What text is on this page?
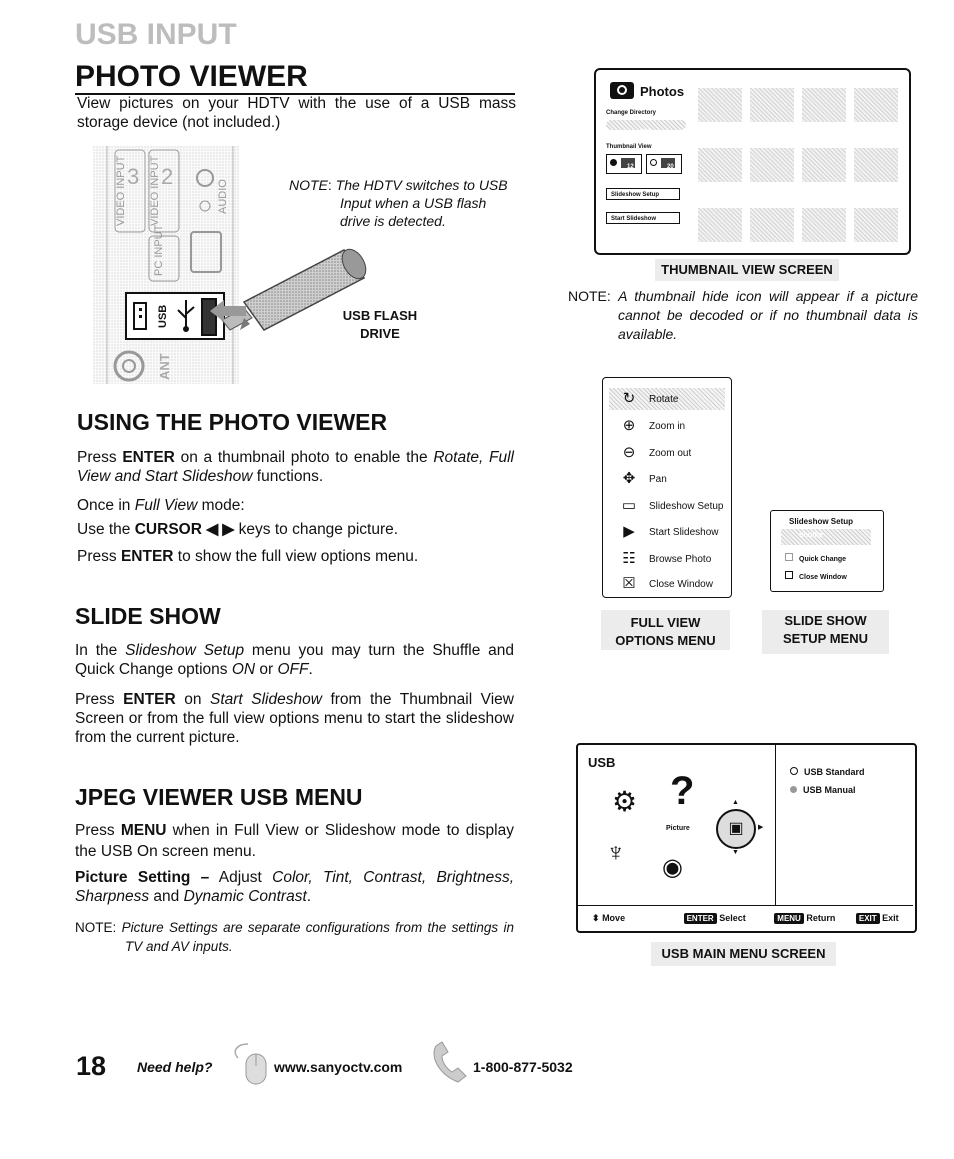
USB INPUT
PHOTO VIEWER

View pictures on your HDTV with the use of a USB mass storage device (not included.)

VIDEO INPUT 3 VIDEO INPUT 2
AUDIO
PC INPUT
ANT
USB
NOTE: The HDTV switches to USB Input when a USB flash drive is detected.
USB FLASH
DRIVE
USING THE PHOTO VIEWER

Press ENTER on a thumbnail photo to enable the Rotate, Full View and Start Slideshow functions.

Once in Full View mode:

Use the CURSOR ◀ ▶ keys to change picture.

Press ENTER to show the full view options menu.

SLIDE SHOW

In the Slideshow Setup menu you may turn the Shuffle and Quick Change options ON or OFF.

Press ENTER on Start Slideshow from the Thumbnail View Screen or from the full view options menu to start the slideshow from the current picture.

JPEG VIEWER USB MENU

Press MENU when in Full View or Slideshow mode to display the USB On screen menu.

Picture Setting – Adjust Color, Tint, Contrast, Brightness, Sharpness and Dynamic Contrast.

NOTE: Picture Settings are separate configurations from the settings in TV and AV inputs.
Photos
Change Directory
USB
Thumbnail View
12	20
Slideshow Setup
Start Slideshow
THUMBNAIL VIEW SCREEN
NOTE: A thumbnail hide icon will appear if a picture cannot be decoded or if no thumbnail data is available.
↻	Rotate
⊕	Zoom in
⊖	Zoom out
✥	Pan
▭ Slideshow Setup
▶	Start Slideshow
☷	Browse Photo
☒	Close Window
FULL VIEW
OPTIONS MENU
Slideshow Setup
Shuffle
Quick Change
Close Window
SLIDE SHOW
SETUP MENU
USB
⚙ ?
Picture	▣
▲
▼
▶
♆
◉
USB Standard
USB Manual
⬍ Move	ENTER Select	MENU Return	EXIT Exit
USB MAIN MENU SCREEN
18 Need help?	www.sanyoctv.com	1-800-877-5032
